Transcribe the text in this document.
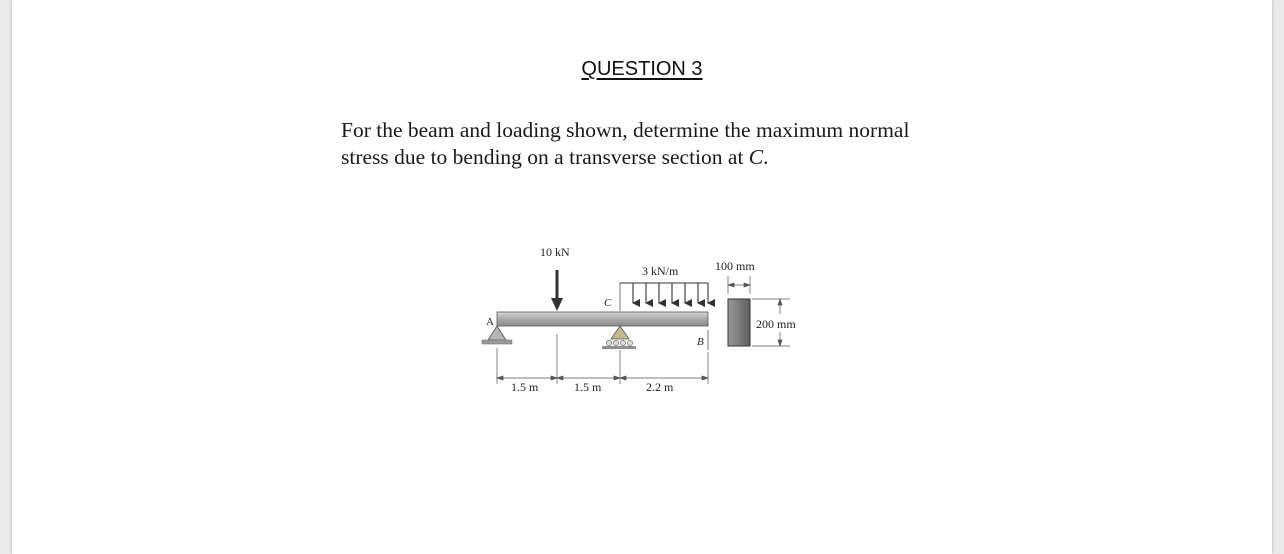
QUESTION 3

For the beam and loading shown, determine the maximum normal

stress due to bending on a transverse section at C.

A
B
10 kN
C
3 kN/m
1.5 m	1.5 m	2.2 m
100 mm
200 mm
